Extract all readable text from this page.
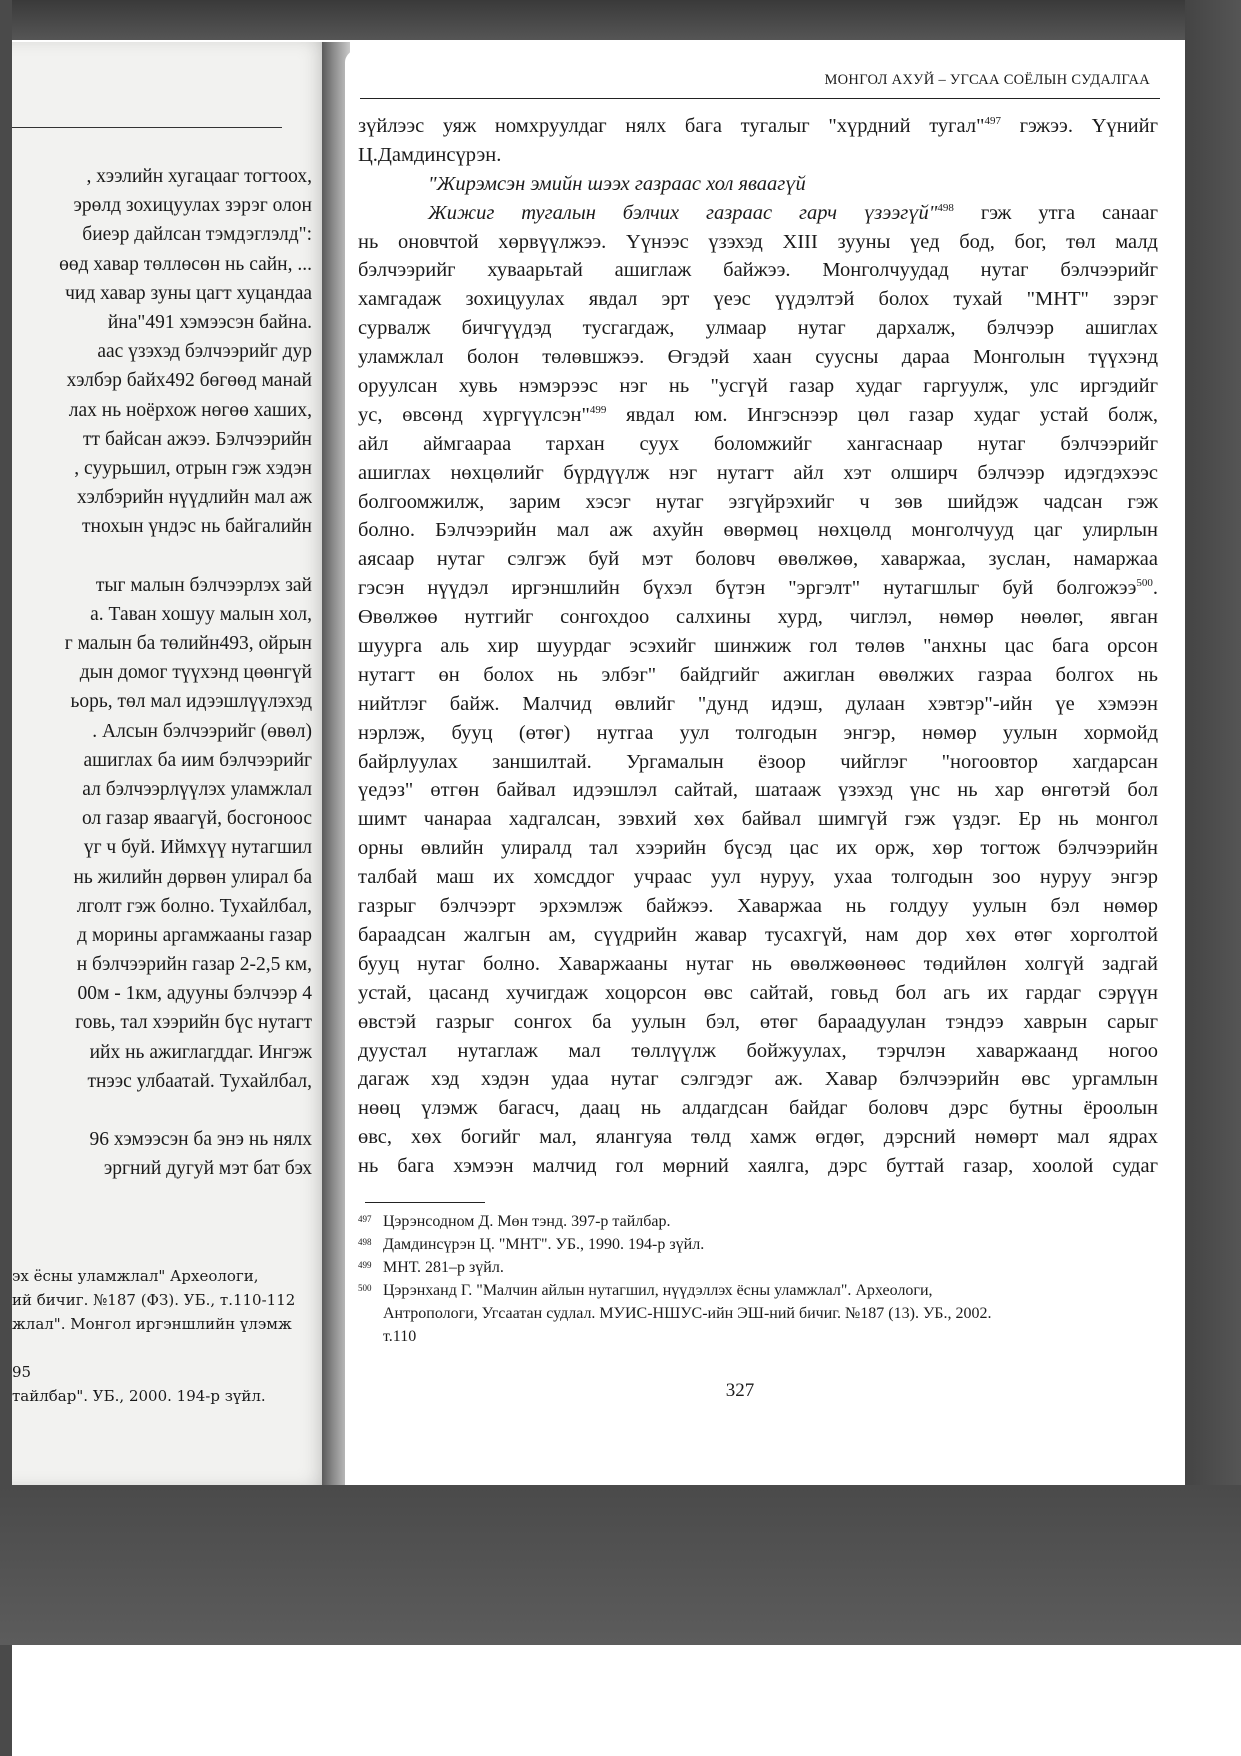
, хээлийн хугацааг тогтоох,
эрөлд зохицуулах зэрэг олон
биеэр дайлсан тэмдэглэлд":
өөд хавар төллөсөн нь сайн, ...
чид хавар зуны цагт хуцандаа
йна"491 хэмээсэн байна.
аас үзэхэд бэлчээрийг дур
хэлбэр байх492 бөгөөд манай
лах нь ноёрхож нөгөө хашиx,
тт байсан ажээ. Бэлчээрийн
, суурьшил, отрын гэж хэдэн
хэлбэрийн нүүдлийн мал аж
тнохын үндэс нь байгалийн
тыг малын бэлчээрлэх зай
а. Таван хошуу малын хол,
г малын ба төлийн493, ойрын
дын домог түүхэнд цөөнгүй
ьорь, төл мал идээшлүүлэхэд
. Алсын бэлчээрийг (өвөл)
ашиглах ба иим бэлчээрийг
ал бэлчээрлүүлэх уламжлал
ол газар яваагүй, босгоноос
үг ч буй. Иймхүү нутагшил
нь жилийн дөрвөн улирал ба
лголт гэж болно. Тухайлбал,
д морины аргамжааны газар
н бэлчээрийн газар 2-2,5 км,
00м - 1км, адууны бэлчээр 4
говь, тал хээрийн бүс нутагт
ийх нь ажиглагддаг. Ингэж
тнээс улбаатай. Тухайлбал,
96 хэмээсэн ба энэ нь нялх
эргний дугуй мэт бат бэх
эх ёсны уламжлал" Археологи,
ий бичиг. №187 (ФЗ). УБ., т.110-112
жлал". Монгол иргэншлийн үлэмж
95
тайлбар". УБ., 2000. 194-р зүйл.
МОНГОЛ АХУЙ – УГСАА СОЁЛЫН СУДАЛГАА

зүйлээс уяж номхруулдаг нялх бага тугалыг "хүрдний тугал"$^{497}$ гэжээ. Үүнийг

Ц.Дамдинсүрэн.

"Жирэмсэн эмийн шээх газраас хол яваагүй

Жижиг тугалын бэлчих газраас гарч үзээгүй"$^{498}$ гэж утга санааг

нь оновчтой хөрвүүлжээ. Үүнээс үзэхэд XIII зууны үед бод, бог, төл малд

бэлчээрийг хуваарьтай ашиглаж байжээ. Монголчуудад нутаг бэлчээрийг

хамгадаж зохицуулах явдал эрт үеэс үүдэлтэй болох тухай "МНТ" зэрэг

сурвалж бичгүүдэд тусгагдаж, улмаар нутаг дархалж, бэлчээр ашиглах

уламжлал болон төлөвшжээ. Өгэдэй хаан суусны дараа Монголын түүхэнд

оруулсан хувь нэмэрээс нэг нь "усгүй газар худаг гаргуулж, улс иргэдийг

ус, өвсөнд хүргүүлсэн"$^{499}$ явдал юм. Ингэснээр цөл газар худаг устай болж,

айл аймгаараа тархан суух боломжийг хангаснаар нутаг бэлчээрийг

ашиглах нөхцөлийг бүрдүүлж нэг нутагт айл хэт олширч бэлчээр идэгдэхээс

болгоомжилж, зарим хэсэг нутаг эзгүйрэхийг ч зөв шийдэж чадсан гэж

болно. Бэлчээрийн мал аж ахуйн өвөрмөц нөхцөлд монголчууд цаг улирлын

аясаар нутаг сэлгэж буй мэт боловч өвөлжөө, хаваржаа, зуслан, намаржаа

гэсэн нүүдэл иргэншлийн бүхэл бүтэн "эргэлт" нутагшлыг буй болгожээ$^{500}$.

Өвөлжөө нутгийг сонгохдоо салхины хурд, чиглэл, нөмөр нөөлөг, явган

шуурга аль хир шуурдаг эсэхийг шинжиж гол төлөв "анхны цас бага орсон

нутагт өн болох нь элбэг" байдгийг ажиглан өвөлжих газраа болгох нь

нийтлэг байж. Малчид өвлийг "дунд идэш, дулаан хэвтэр"-ийн үе хэмээн

нэрлэж, бууц (өтөг) нутгаа уул толгодын энгэр, нөмөр уулын хормойд

байрлуулах заншилтай. Ургамалын ёзоор чийглэг "ногоовтор хагдарсан

үедэз" өтгөн байвал идээшлэл сайтай, шатааж үзэхэд үнс нь хар өнгөтэй бол

шимт чанараа хадгалсан, зэвхий хөх байвал шимгүй гэж үздэг. Ер нь монгол

орны өвлийн улиралд тал хээрийн бүсэд цас их орж, хөр тогтож бэлчээрийн

талбай маш их хомсддог учраас уул нуруу, ухаа толгодын зоо нуруу энгэр

газрыг бэлчээрт эрхэмлэж байжээ. Хаваржаа нь голдуу уулын бэл нөмөр

бараадсан жалгын ам, сүүдрийн жавар тусахгүй, нам дор хөх өтөг хорголтой

бууц нутаг болно. Хаваржааны нутаг нь өвөлжөөнөөс төдийлөн холгүй задгай

устай, цасанд хучигдаж хоцорсон өвс сайтай, говьд бол агь их гардаг сэрүүн

өвстэй газрыг сонгох ба уулын бэл, өтөг бараадуулан тэндээ хаврын сарыг

дуустал нутаглаж мал төллүүлж бойжуулах, тэрчлэн хаваржаанд ногоо

дагаж хэд хэдэн удаа нутаг сэлгэдэг аж. Хавар бэлчээрийн өвс ургамлын

нөөц үлэмж багасч, даац нь алдагдсан байдаг боловч дэрс бутны ёроолын

өвс, хөх богийг мал, ялангуяа төлд хамж өгдөг, дэрсний нөмөрт мал ядрах

нь бага хэмээн малчид гол мөрний хаялга, дэрс буттай газар, хоолой судаг

497 Цэрэнсодном Д. Мөн тэнд. 397-р тайлбар.
498 Дамдинсүрэн Ц. "МНТ". УБ., 1990. 194-р зүйл.
499 МНТ. 281–р зүйл.
500 Цэрэнханд Г. "Малчин айлын нутагшил, нүүдэллэх ёсны уламжлал". Археологи,
Антропологи, Угсаатан судлал. МУИС-НШУС-ийн ЭШ-ний бичиг. №187 (13). УБ., 2002.
т.110
327
